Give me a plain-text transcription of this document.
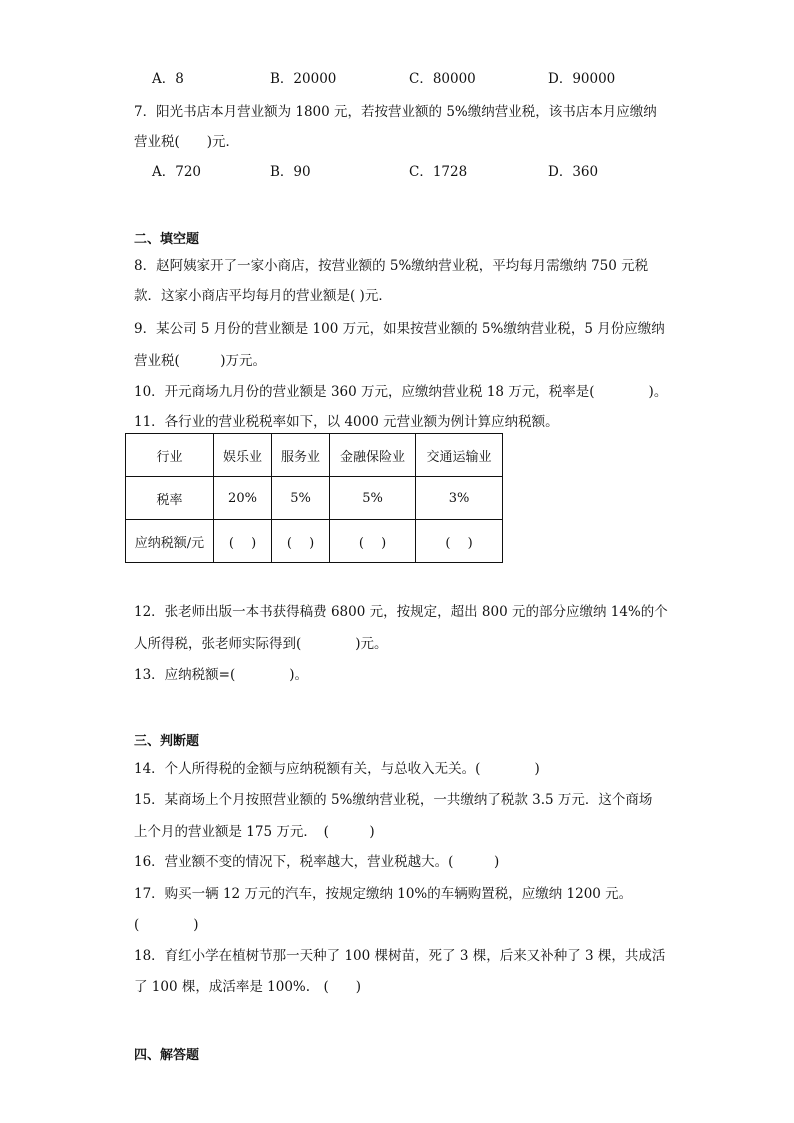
A．8	B．20000	C．80000	D．90000
7．阳光书店本月营业额为 1800 元，若按营业额的 5%缴纳营业税，该书店本月应缴纳
营业税(　　)元．
A．720	B．90	C．1728	D．360
二、填空题
8．赵阿姨家开了一家小商店，按营业额的 5%缴纳营业税，平均每月需缴纳 750 元税
款．这家小商店平均每月的营业额是( )元．
9．某公司 5 月份的营业额是 100 万元，如果按营业额的 5%缴纳营业税，5 月份应缴纳
营业税(　　　)万元。
10．开元商场九月份的营业额是 360 万元，应缴纳营业税 18 万元，税率是(　　　　)。
11．各行业的营业税税率如下，以 4000 元营业额为例计算应纳税额。
行业	娱乐业	服务业	金融保险业	交通运输业
税率	20%	5%	5%	3%
应纳税额/元	(　 )	(　 )	(　 )	(　 )
12．张老师出版一本书获得稿费 6800 元，按规定，超出 800 元的部分应缴纳 14%的个
人所得税，张老师实际得到(　　　　)元。
13．应纳税额=(　　　　)。
三、判断题
14．个人所得税的金额与应纳税额有关，与总收入无关。(　　　　)
15．某商场上个月按照营业额的 5%缴纳营业税，一共缴纳了税款 3.5 万元．这个商场
上个月的营业额是 175 万元．　(　　　)
16．营业额不变的情况下，税率越大，营业税越大。(　　　)
17．购买一辆 12 万元的汽车，按规定缴纳 10%的车辆购置税，应缴纳 1200 元。
(　　　　)
18．育红小学在植树节那一天种了 100 棵树苗，死了 3 棵，后来又补种了 3 棵，共成活
了 100 棵，成活率是 100%.　(　　)
四、解答题
